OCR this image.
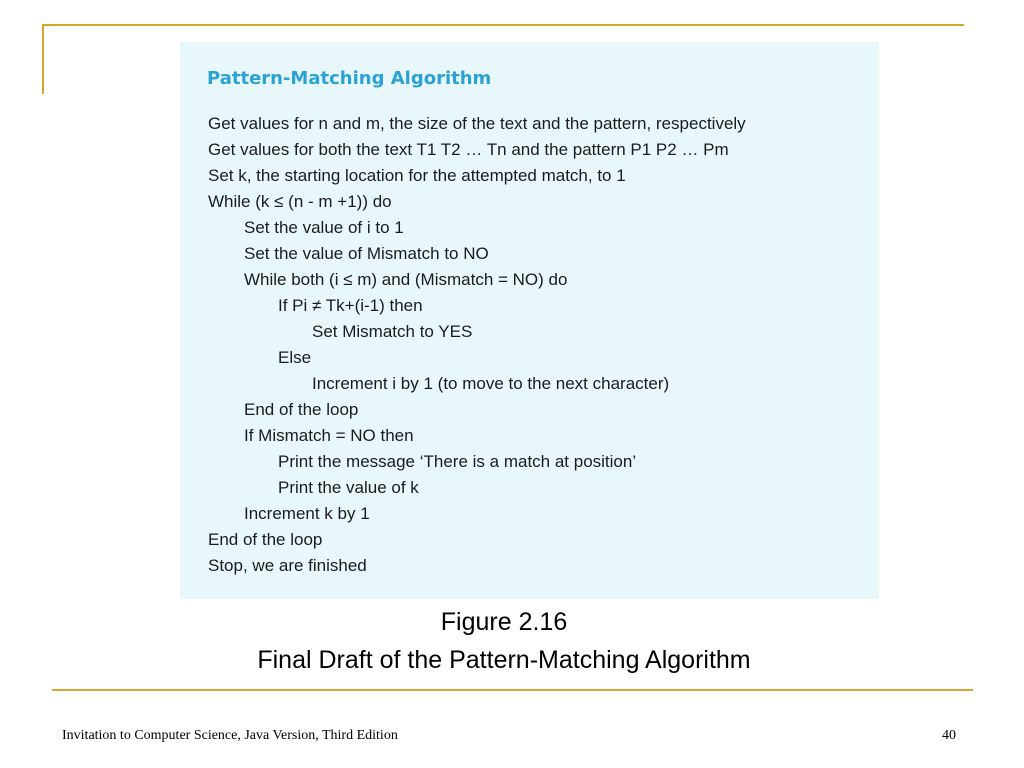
Pattern-Matching Algorithm
Get values for n and m, the size of the text and the pattern, respectively
Get values for both the text T1 T2 … Tn and the pattern P1 P2 … Pm
Set k, the starting location for the attempted match, to 1
While (k ≤ (n - m +1)) do
Set the value of i to 1
Set the value of Mismatch to NO
While both (i ≤ m) and (Mismatch = NO) do
If Pi ≠ Tk+(i-1) then
Set Mismatch to YES
Else
Increment i by 1 (to move to the next character)
End of the loop
If Mismatch = NO then
Print the message ‘There is a match at position’
Print the value of k
Increment k by 1
End of the loop
Stop, we are finished
Figure 2.16
Final Draft of the Pattern-Matching Algorithm
Invitation to Computer Science, Java Version, Third Edition	40
